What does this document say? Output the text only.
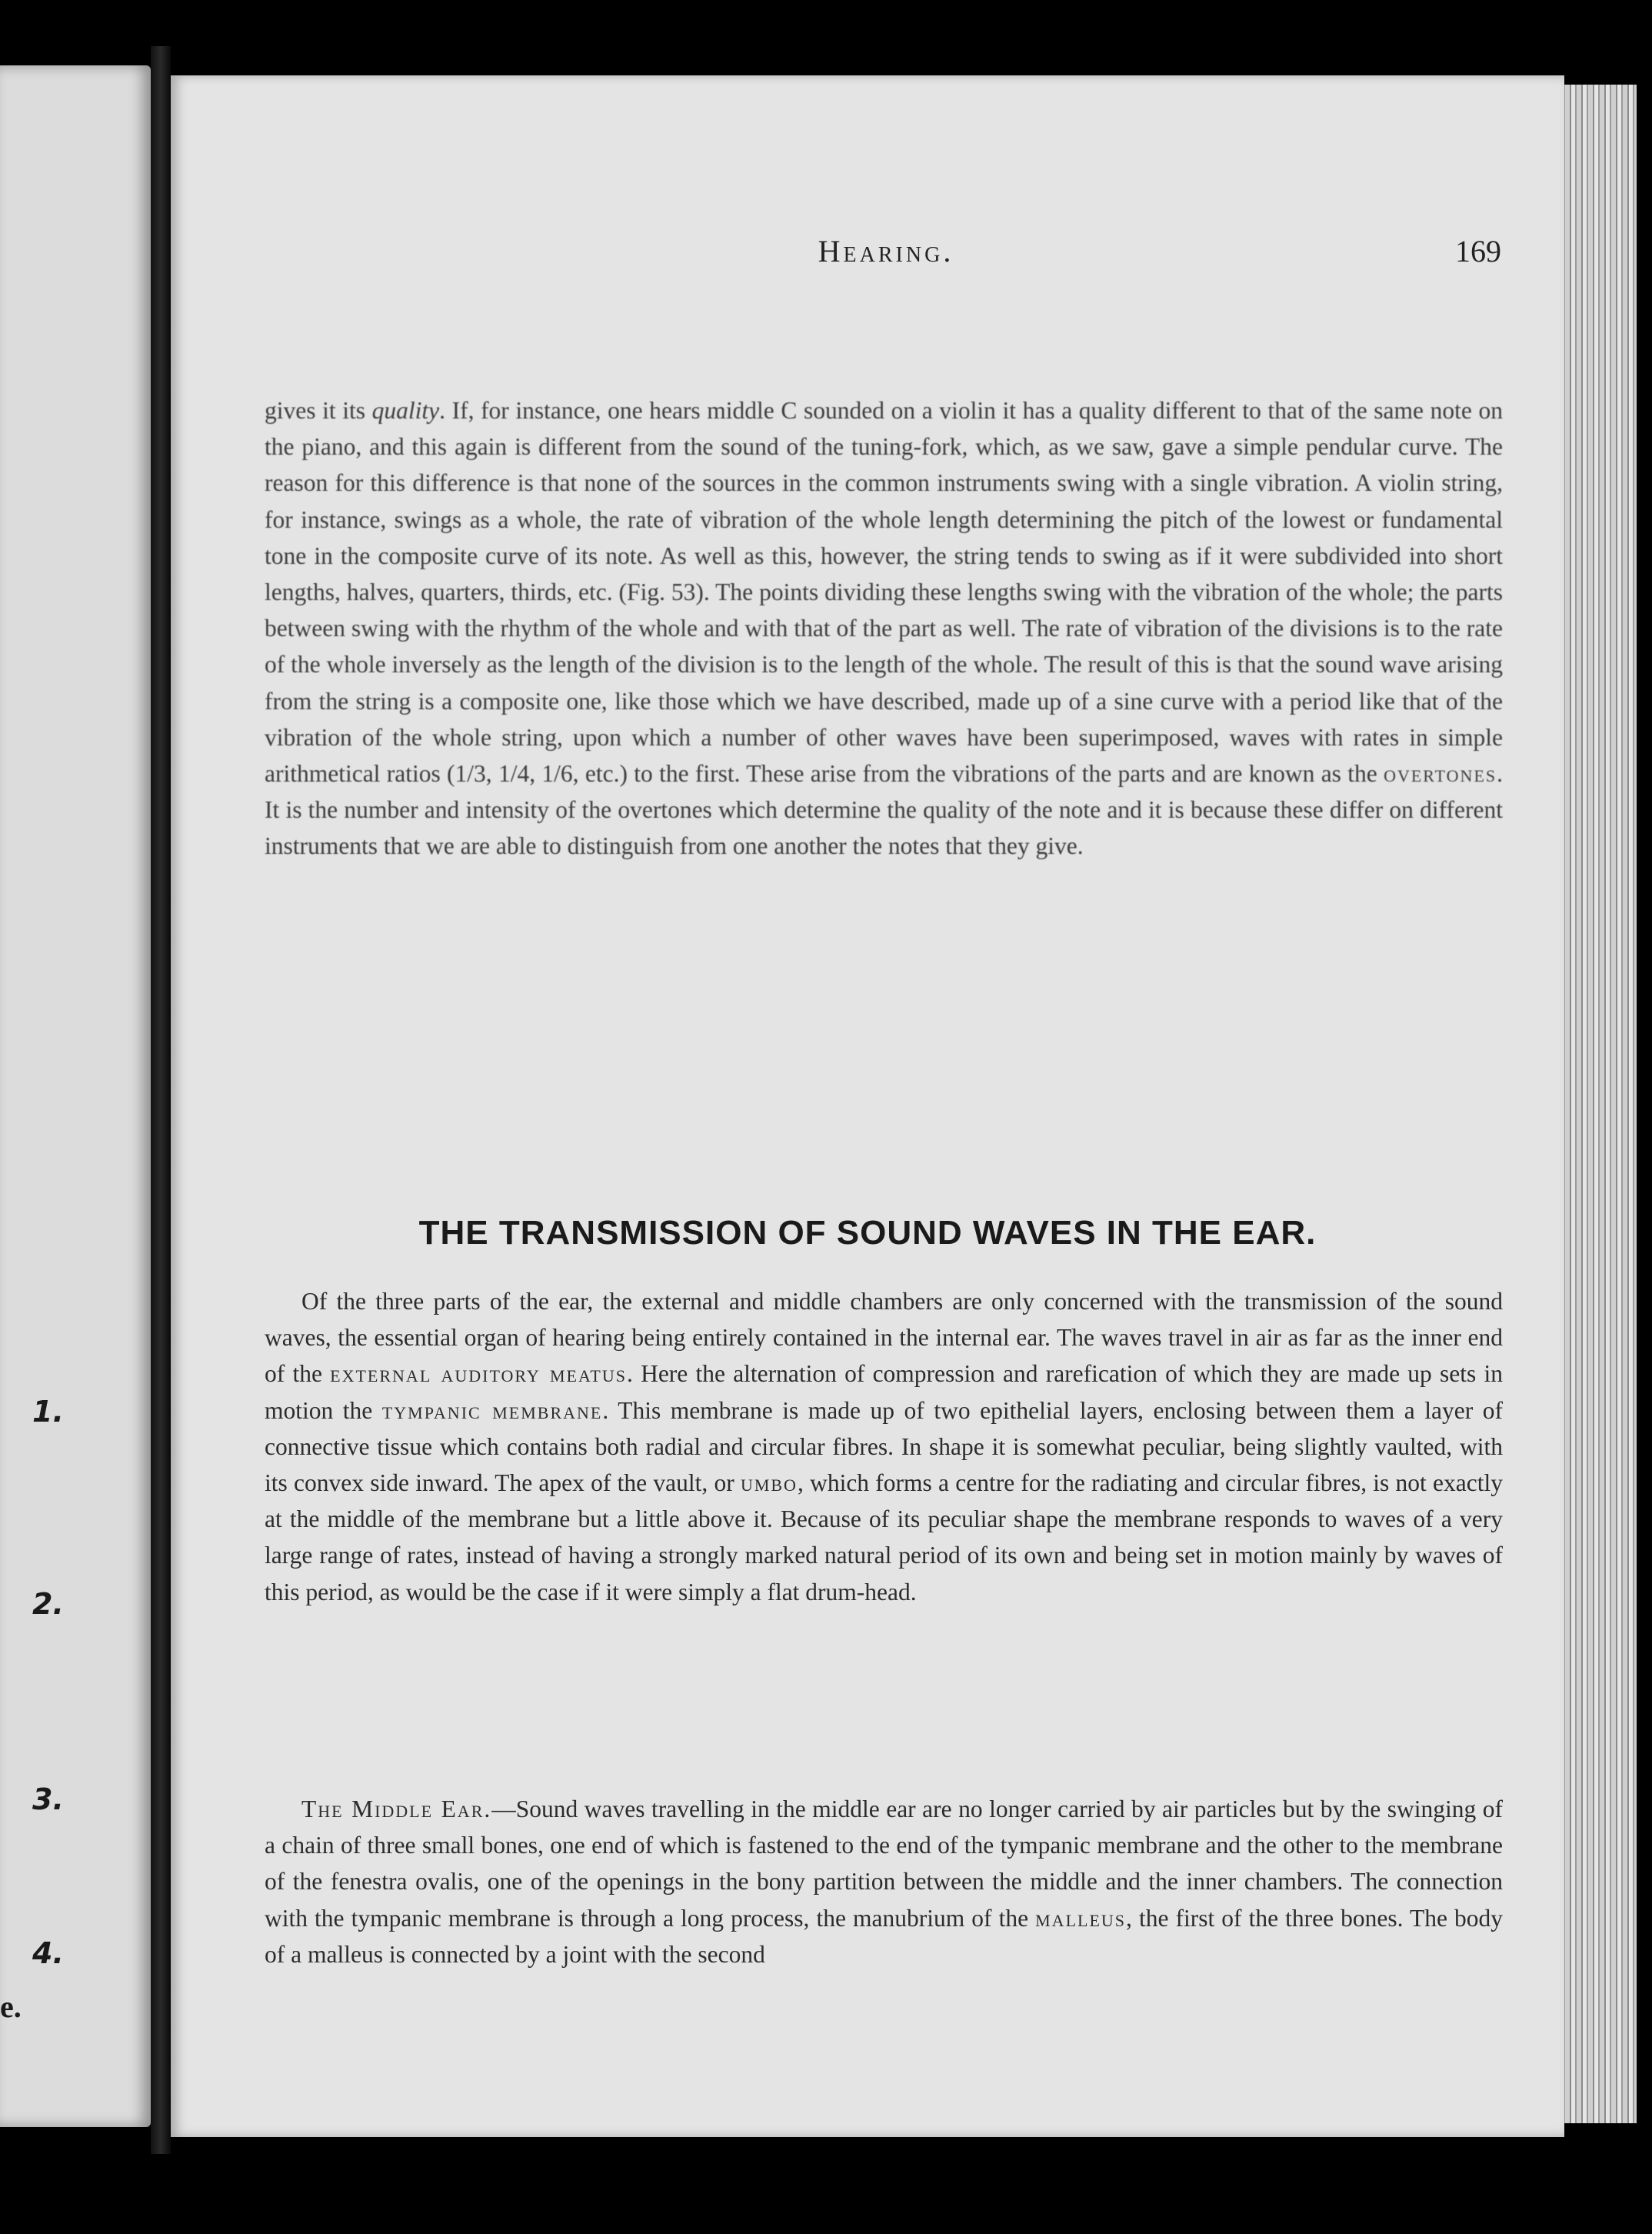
1.

2.

3.

4.

e.

Hearing.	169

gives it its quality. If, for instance, one hears middle C sounded on a violin it has a quality different to that of the same note on the piano, and this again is different from the sound of the tuning-fork, which, as we saw, gave a simple pendular curve. The reason for this difference is that none of the sources in the common instruments swing with a single vibration. A violin string, for instance, swings as a whole, the rate of vibration of the whole length determining the pitch of the lowest or fundamental tone in the composite curve of its note. As well as this, however, the string tends to swing as if it were subdivided into short lengths, halves, quarters, thirds, etc. (Fig. 53). The points dividing these lengths swing with the vibration of the whole; the parts between swing with the rhythm of the whole and with that of the part as well. The rate of vibration of the divisions is to the rate of the whole inversely as the length of the division is to the length of the whole. The result of this is that the sound wave arising from the string is a composite one, like those which we have described, made up of a sine curve with a period like that of the vibration of the whole string, upon which a number of other waves have been superimposed, waves with rates in simple arithmetical ratios (1/3, 1/4, 1/6, etc.) to the first. These arise from the vibrations of the parts and are known as the overtones. It is the number and intensity of the overtones which determine the quality of the note and it is because these differ on different instruments that we are able to distinguish from one another the notes that they give.

THE TRANSMISSION OF SOUND WAVES IN THE EAR.

Of the three parts of the ear, the external and middle chambers are only concerned with the transmission of the sound waves, the essential organ of hearing being entirely contained in the internal ear. The waves travel in air as far as the inner end of the external auditory meatus. Here the alternation of compression and rarefication of which they are made up sets in motion the tympanic membrane. This membrane is made up of two epithelial layers, enclosing between them a layer of connective tissue which contains both radial and circular fibres. In shape it is somewhat peculiar, being slightly vaulted, with its convex side inward. The apex of the vault, or umbo, which forms a centre for the radiating and circular fibres, is not exactly at the middle of the membrane but a little above it. Because of its peculiar shape the membrane responds to waves of a very large range of rates, instead of having a strongly marked natural period of its own and being set in motion mainly by waves of this period, as would be the case if it were simply a flat drum-head.

The Middle Ear.—Sound waves travelling in the middle ear are no longer carried by air particles but by the swinging of a chain of three small bones, one end of which is fastened to the end of the tympanic membrane and the other to the membrane of the fenestra ovalis, one of the openings in the bony partition between the middle and the inner chambers. The connection with the tympanic membrane is through a long process, the manubrium of the malleus, the first of the three bones. The body of a malleus is connected by a joint with the second
